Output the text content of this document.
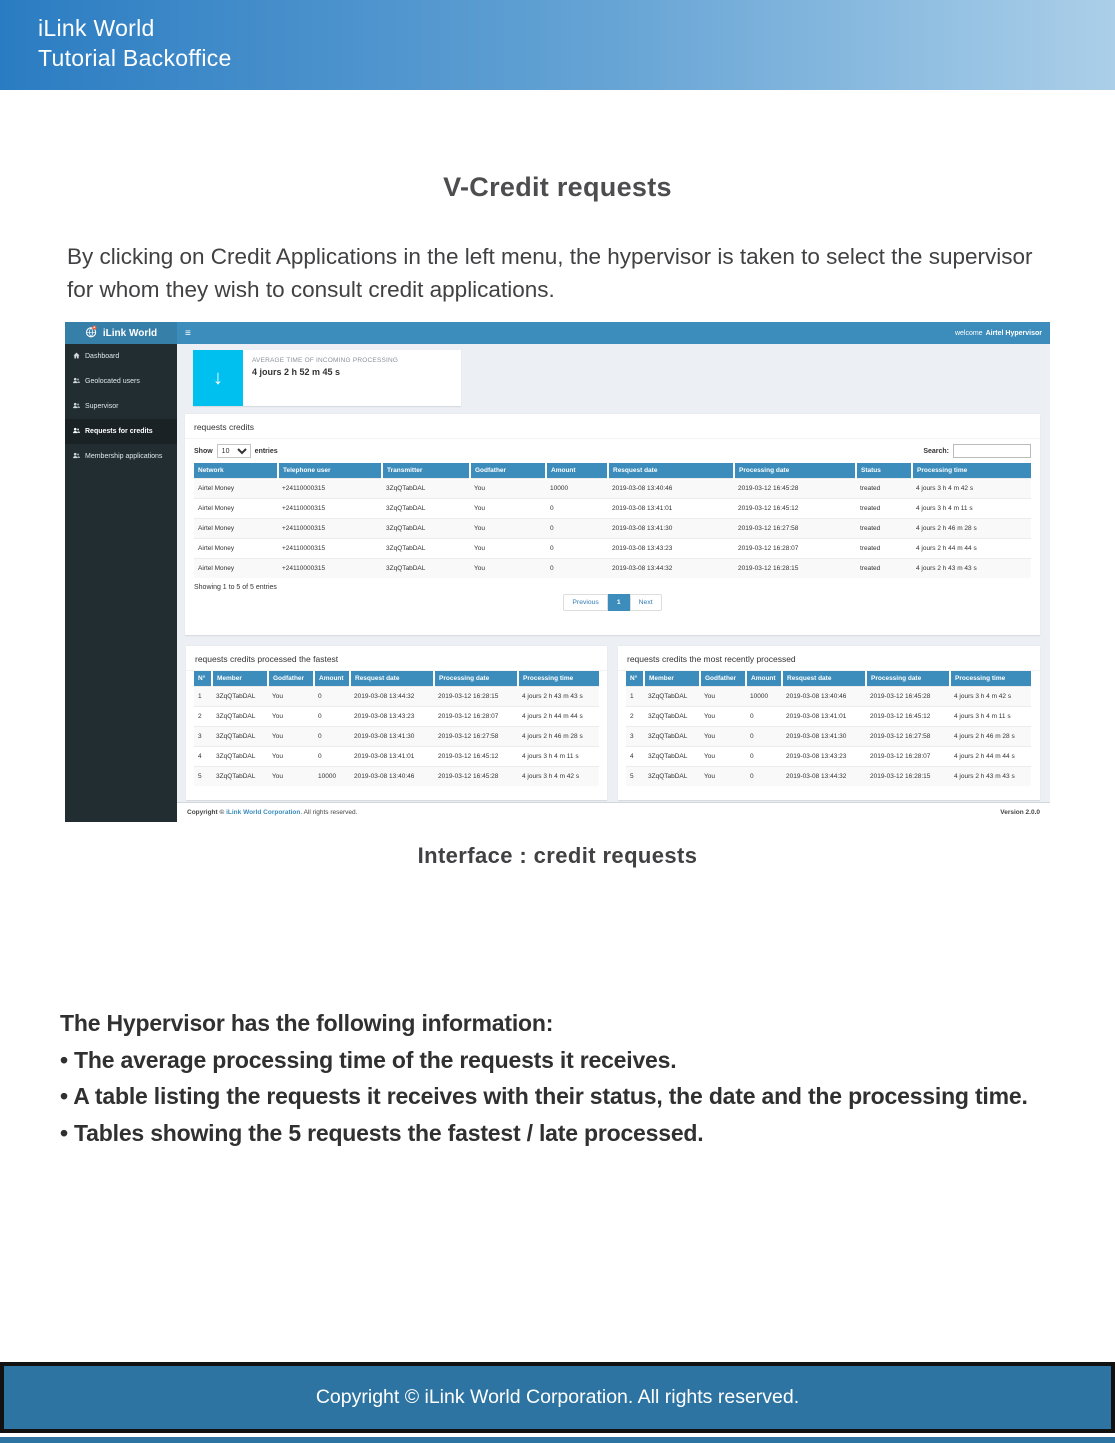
iLink World
Tutorial Backoffice
V-Credit requests
By clicking on Credit Applications in the left menu, the hypervisor is taken to select the supervisor for whom they wish to consult credit applications.
iLink World	≡	welcome Airtel Hypervisor
Dashboard
Geolocated users
Supervisor
Requests for credits
Membership applications
↓
AVERAGE TIME OF INCOMING PROCESSING
4 jours 2 h 52 m 45 s
requests credits
Show
10	entries	Search:
Network	Telephone user	Transmitter	Godfather	Amount	Resquest date	Processing date	Status	Processing time
Airtel Money	+24110000315	3ZqQTabDAL	You	10000	2019-03-08 13:40:46	2019-03-12 16:45:28	treated	4 jours 3 h 4 m 42 s
Airtel Money	+24110000315	3ZqQTabDAL	You	0	2019-03-08 13:41:01	2019-03-12 16:45:12	treated	4 jours 3 h 4 m 11 s
Airtel Money	+24110000315	3ZqQTabDAL	You	0	2019-03-08 13:41:30	2019-03-12 16:27:58	treated	4 jours 2 h 46 m 28 s
Airtel Money	+24110000315	3ZqQTabDAL	You	0	2019-03-08 13:43:23	2019-03-12 16:28:07	treated	4 jours 2 h 44 m 44 s
Airtel Money	+24110000315	3ZqQTabDAL	You	0	2019-03-08 13:44:32	2019-03-12 16:28:15	treated	4 jours 2 h 43 m 43 s
Showing 1 to 5 of 5 entries
Previous	1	Next
requests credits processed the fastest
N°	Member	Godfather	Amount	Resquest date	Processing date	Processing time
1	3ZqQTabDAL	You	0	2019-03-08 13:44:32	2019-03-12 16:28:15	4 jours 2 h 43 m 43 s
2	3ZqQTabDAL	You	0	2019-03-08 13:43:23	2019-03-12 16:28:07	4 jours 2 h 44 m 44 s
3	3ZqQTabDAL	You	0	2019-03-08 13:41:30	2019-03-12 16:27:58	4 jours 2 h 46 m 28 s
4	3ZqQTabDAL	You	0	2019-03-08 13:41:01	2019-03-12 16:45:12	4 jours 3 h 4 m 11 s
5	3ZqQTabDAL	You	10000	2019-03-08 13:40:46	2019-03-12 16:45:28	4 jours 3 h 4 m 42 s
requests credits the most recently processed
N°	Member	Godfather	Amount	Resquest date	Processing date	Processing time
1	3ZqQTabDAL	You	10000	2019-03-08 13:40:46	2019-03-12 16:45:28	4 jours 3 h 4 m 42 s
2	3ZqQTabDAL	You	0	2019-03-08 13:41:01	2019-03-12 16:45:12	4 jours 3 h 4 m 11 s
3	3ZqQTabDAL	You	0	2019-03-08 13:41:30	2019-03-12 16:27:58	4 jours 2 h 46 m 28 s
4	3ZqQTabDAL	You	0	2019-03-08 13:43:23	2019-03-12 16:28:07	4 jours 2 h 44 m 44 s
5	3ZqQTabDAL	You	0	2019-03-08 13:44:32	2019-03-12 16:28:15	4 jours 2 h 43 m 43 s
Copyright © iLink World Corporation. All rights reserved.	Version 2.0.0
Interface : credit requests
The Hypervisor has the following information:
• The average processing time of the requests it receives.
• A table listing the requests it receives with their status, the date and the processing time.
• Tables showing the 5 requests the fastest / late processed.
Copyright © iLink World Corporation. All rights reserved.
